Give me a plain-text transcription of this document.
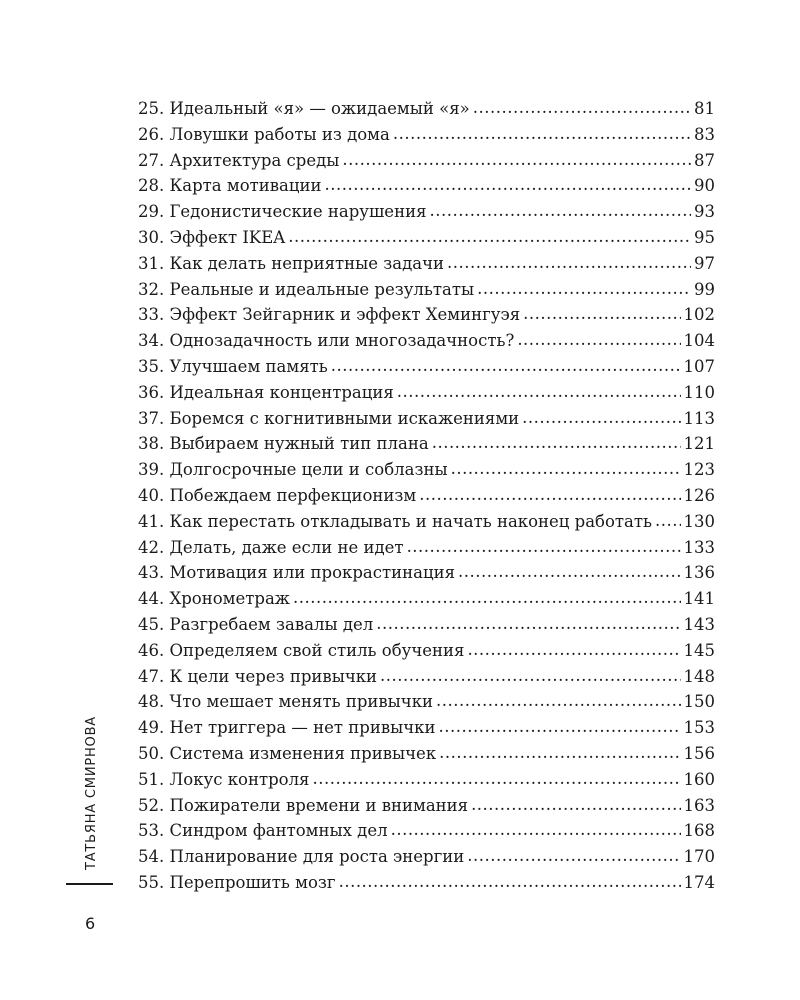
25. Идеальный «я» — ожидаемый «я» .....	81
26. Ловушки работы из дома .....	83
27. Архитектура среды .....	87
28. Карта мотивации .....	90
29. Гедонистические нарушения .....	93
30. Эффект IKEA .....	95
31. Как делать неприятные задачи .....	97
32. Реальные и идеальные результаты .....	99
33. Эффект Зейгарник и эффект Хемингуэя .....	102
34. Однозадачность или многозадачность? .....	104
35. Улучшаем память .....	107
36. Идеальная концентрация .....	110
37. Боремся с когнитивными искажениями .....	113
38. Выбираем нужный тип плана .....	121
39. Долгосрочные цели и соблазны .....	123
40. Побеждаем перфекционизм .....	126
41. Как перестать откладывать и начать наконец работать ..... 130
42. Делать, даже если не идет .....	133
43. Мотивация или прокрастинация .....	136
44. Хронометраж .....	141
45. Разгребаем завалы дел .....	143
46. Определяем свой стиль обучения .....	145
47. К цели через привычки .....	148
48. Что мешает менять привычки .....	150
49. Нет триггера — нет привычки .....	153
50. Система изменения привычек .....	156
51. Локус контроля .....	160
52. Пожиратели времени и внимания .....	163
53. Синдром фантомных дел .....	168
54. Планирование для роста энергии .....	170
55. Перепрошить мозг .....	174
ТАТЬЯНА СМИРНОВА
6
